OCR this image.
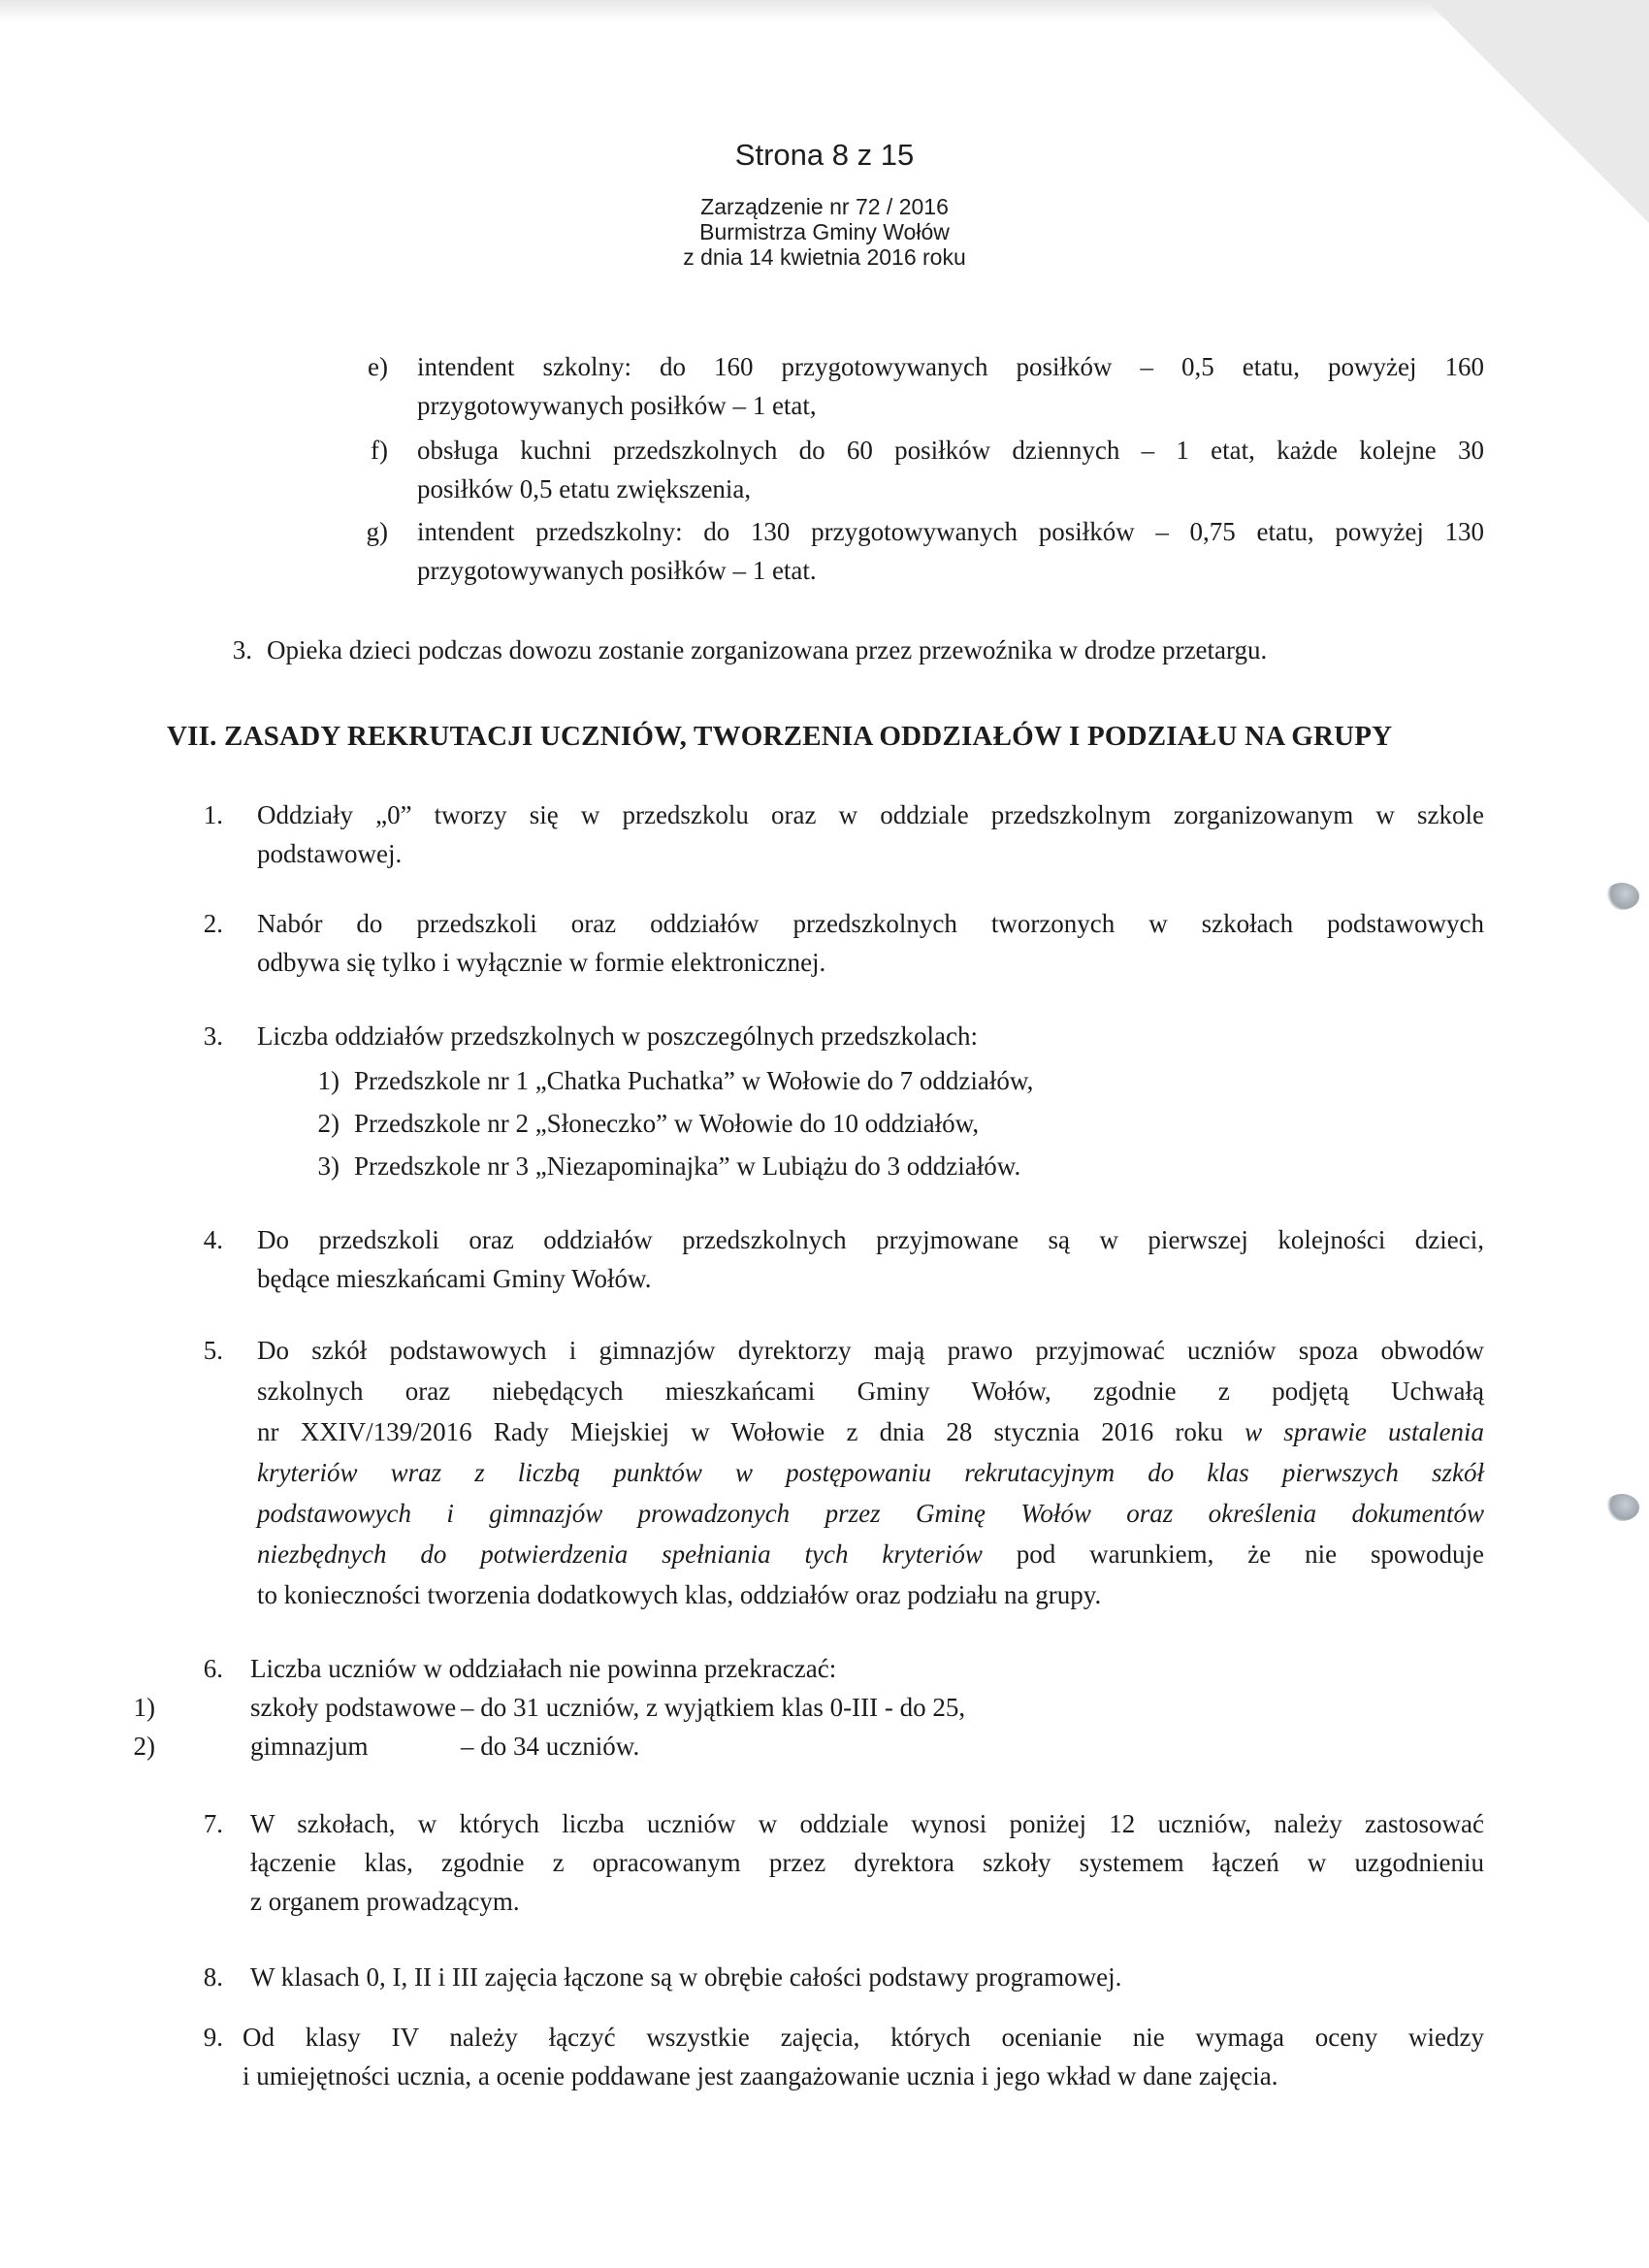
Strona 8 z 15
Zarządzenie nr 72 / 2016
Burmistrza Gminy Wołów
z dnia 14 kwietnia 2016 roku
e) intendent szkolny: do 160 przygotowywanych posiłków – 0,5 etatu, powyżej 160
przygotowywanych posiłków – 1 etat,
f) obsługa kuchni przedszkolnych do 60 posiłków dziennych – 1 etat, każde kolejne 30
posiłków 0,5 etatu zwiększenia,
g) intendent przedszkolny: do 130 przygotowywanych posiłków – 0,75 etatu, powyżej 130
przygotowywanych posiłków – 1 etat.
3. Opieka dzieci podczas dowozu zostanie zorganizowana przez przewoźnika w drodze przetargu.
VII. ZASADY REKRUTACJI UCZNIÓW, TWORZENIA ODDZIAŁÓW I PODZIAŁU NA GRUPY
1. Oddziały „0” tworzy się w przedszkolu oraz w oddziale przedszkolnym zorganizowanym w szkole
podstawowej.
2. Nabór do przedszkoli oraz oddziałów przedszkolnych tworzonych w szkołach podstawowych
odbywa się tylko i wyłącznie w formie elektronicznej.
3. Liczba oddziałów przedszkolnych w poszczególnych przedszkolach:
1) Przedszkole nr 1 „Chatka Puchatka” w Wołowie do 7 oddziałów,
2) Przedszkole nr 2 „Słoneczko” w Wołowie do 10 oddziałów,
3) Przedszkole nr 3 „Niezapominajka” w Lubiążu do 3 oddziałów.
4. Do przedszkoli oraz oddziałów przedszkolnych przyjmowane są w pierwszej kolejności dzieci,
będące mieszkańcami Gminy Wołów.
5. Do szkół podstawowych i gimnazjów dyrektorzy mają prawo przyjmować uczniów spoza obwodów
szkolnych oraz niebędących mieszkańcami Gminy Wołów, zgodnie z podjętą Uchwałą
nr XXIV/139/2016 Rady Miejskiej w Wołowie z dnia 28 stycznia 2016 roku w sprawie ustalenia
kryteriów wraz z liczbą punktów w postępowaniu rekrutacyjnym do klas pierwszych szkół
podstawowych i gimnazjów prowadzonych przez Gminę Wołów oraz określenia dokumentów
niezbędnych do potwierdzenia spełniania tych kryteriów pod warunkiem, że nie spowoduje
to konieczności tworzenia dodatkowych klas, oddziałów oraz podziału na grupy.
6. Liczba uczniów w oddziałach nie powinna przekraczać:
1)	szkoły podstawowe – do 31 uczniów, z wyjątkiem klas 0-III - do 25,
2)	gimnazjum	– do 34 uczniów.
7. W szkołach, w których liczba uczniów w oddziale wynosi poniżej 12 uczniów, należy zastosować
łączenie klas, zgodnie z opracowanym przez dyrektora szkoły systemem łączeń w uzgodnieniu
z organem prowadzącym.
8. W klasach 0, I, II i III zajęcia łączone są w obrębie całości podstawy programowej.
9. Od klasy IV należy łączyć wszystkie zajęcia, których ocenianie nie wymaga oceny wiedzy
i umiejętności ucznia, a ocenie poddawane jest zaangażowanie ucznia i jego wkład w dane zajęcia.
